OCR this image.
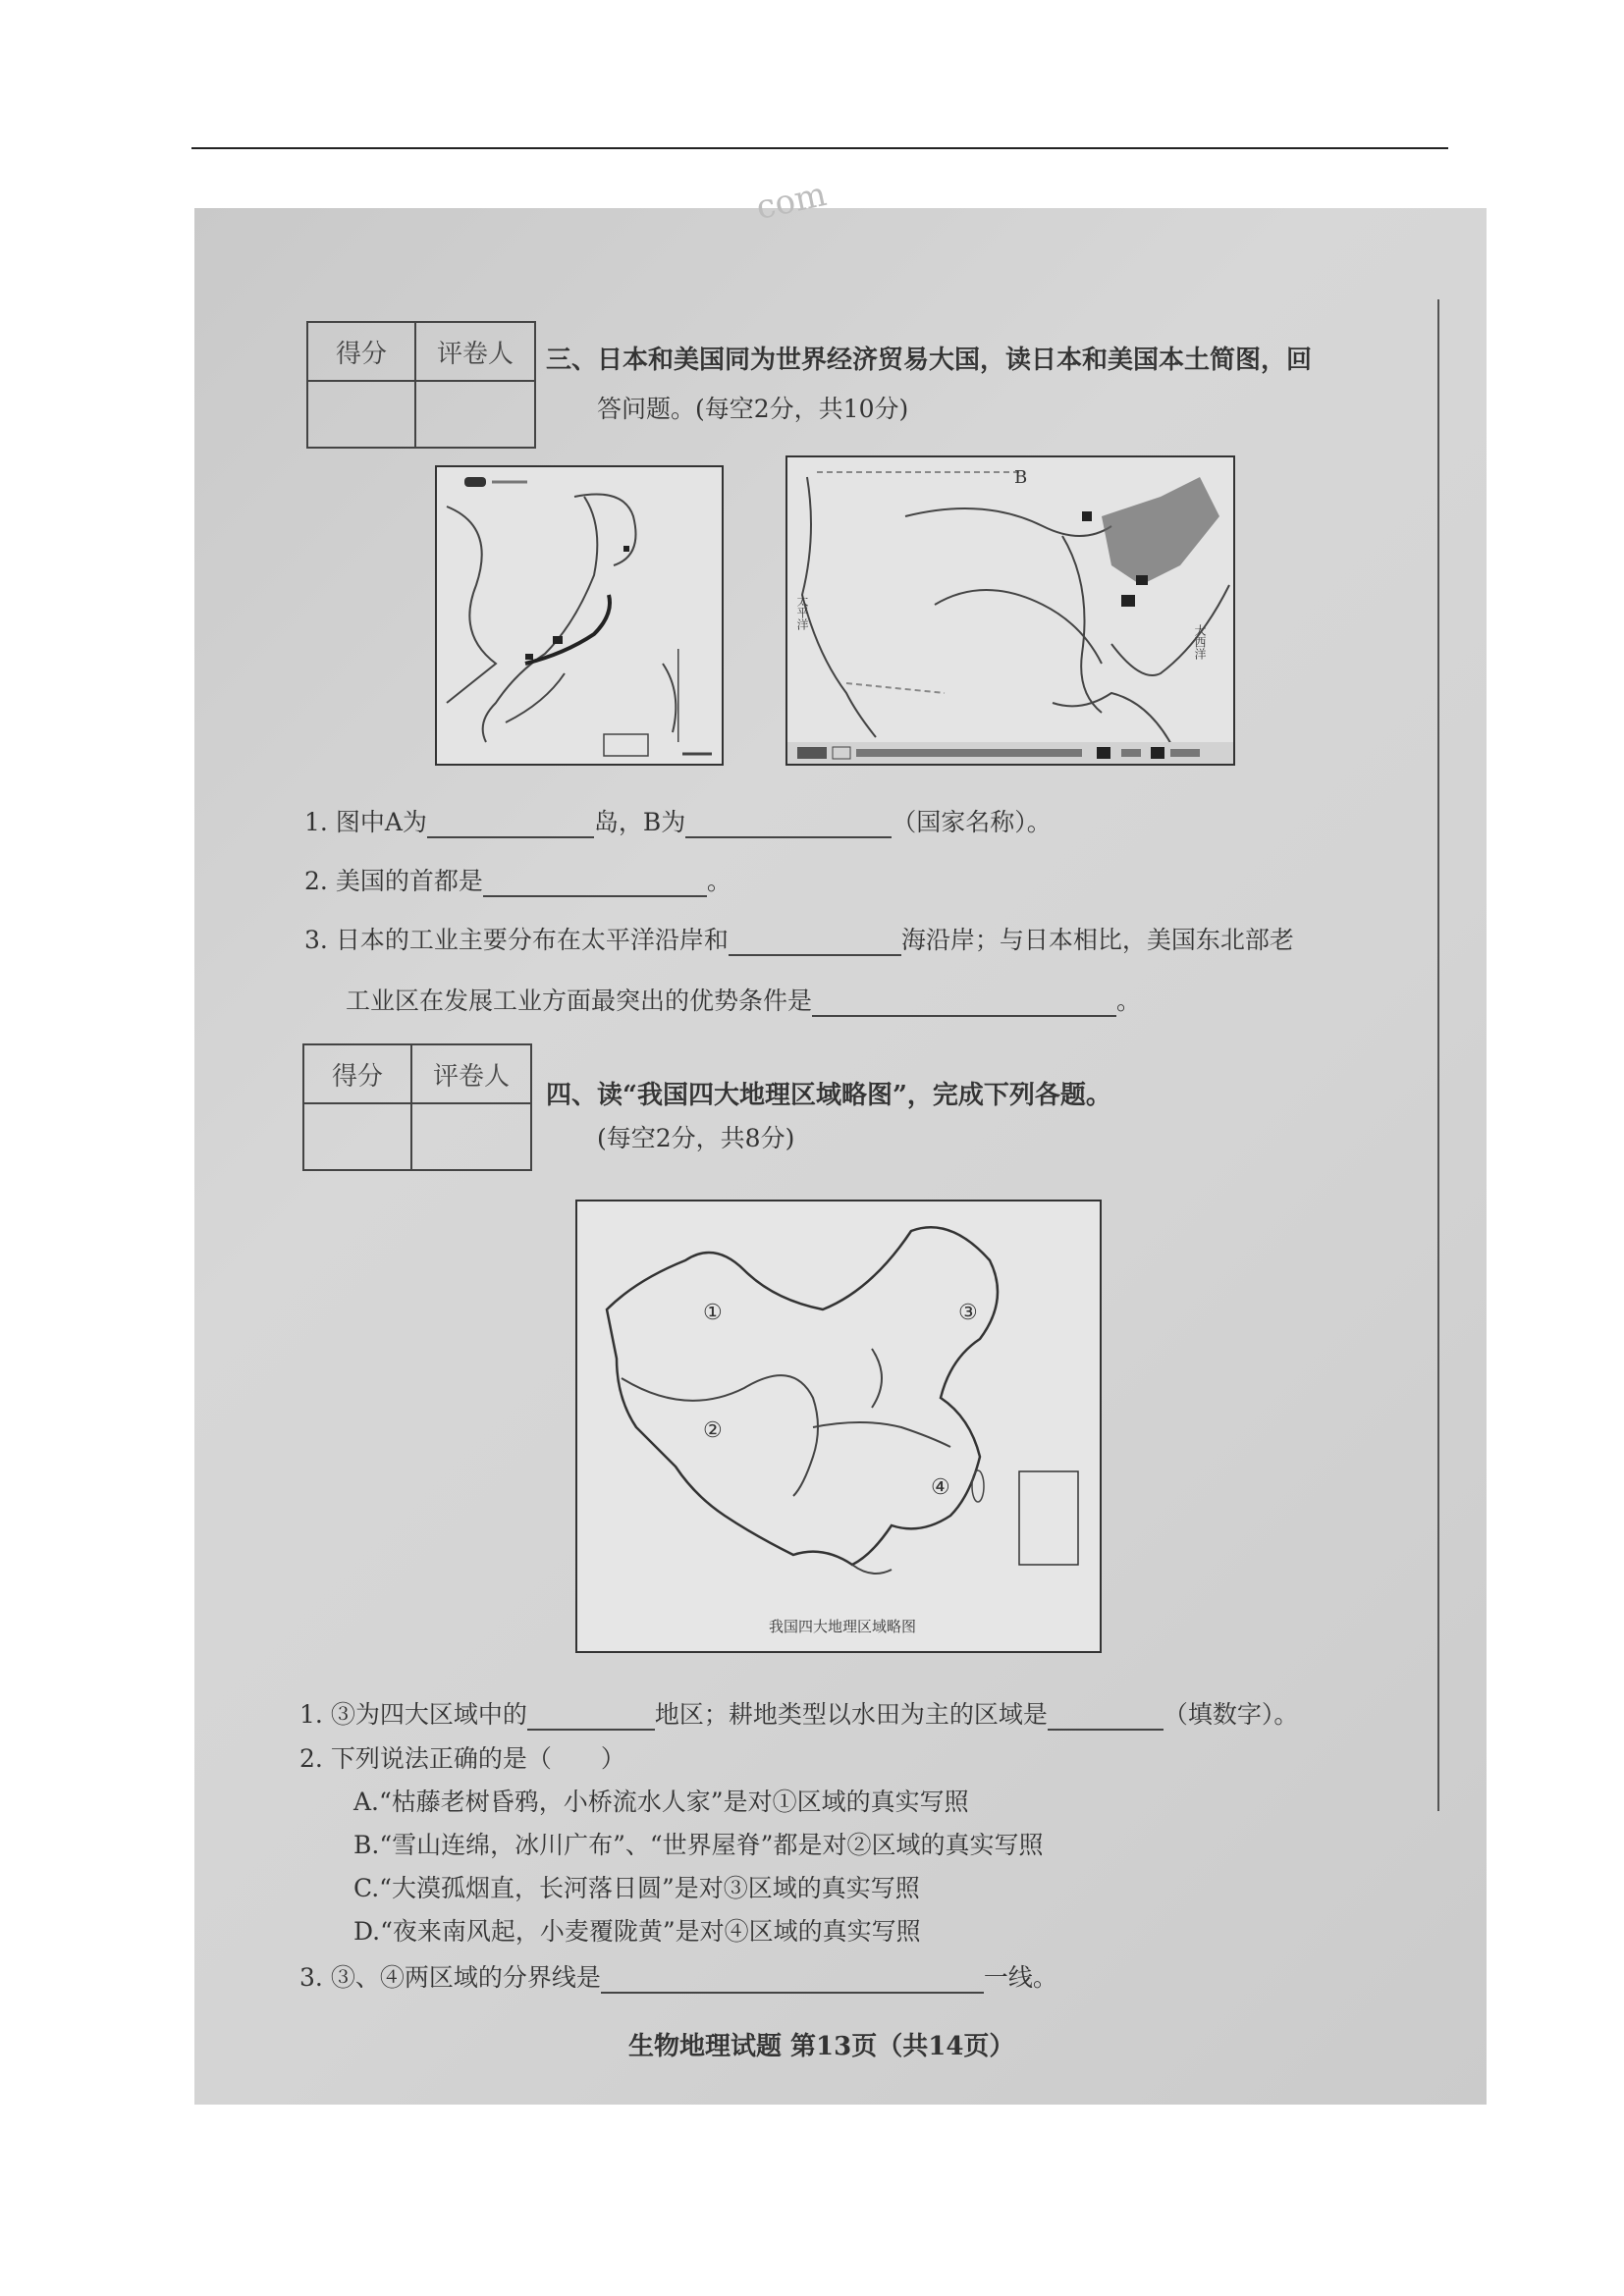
com
得分	评卷人
	三、日本和美国同为世界经济贸易大国，读日本和美国本土简图，回
答问题。(每空2分，共10分)
B
太平洋
大西洋
1. 图中A为	岛，B为	（国家名称）。
2. 美国的首都是	。
3. 日本的工业主要分布在太平洋沿岸和	海沿岸；与日本相比，美国东北部老
工业区在发展工业方面最突出的优势条件是	。
得分	评卷人

四、读“我国四大地理区域略图”，完成下列各题。
(每空2分，共8分)
①
②
③
④
我国四大地理区域略图
1. ③为四大区域中的	地区；耕地类型以水田为主的区域是	（填数字）。
2. 下列说法正确的是（　　）
A.“枯藤老树昏鸦，小桥流水人家”是对①区域的真实写照
B.“雪山连绵，冰川广布”、“世界屋脊”都是对②区域的真实写照
C.“大漠孤烟直，长河落日圆”是对③区域的真实写照
D.“夜来南风起，小麦覆陇黄”是对④区域的真实写照
3. ③、④两区域的分界线是	一线。
生物地理试题 第13页（共14页）
